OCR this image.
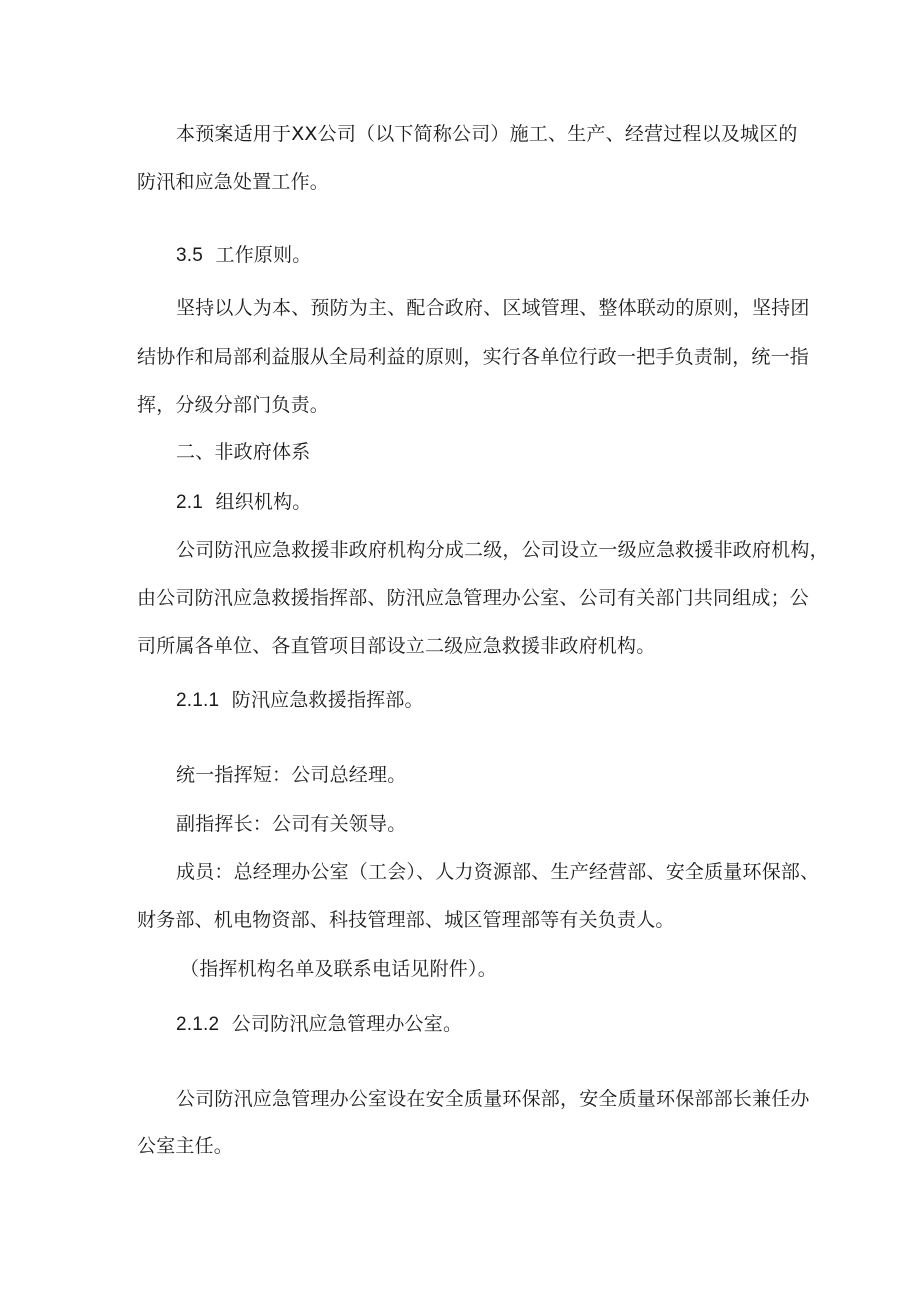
本预案适用于XX公司（以下简称公司）施工、生产、经营过程以及城区的
防汛和应急处置工作。
3.5 工作原则。
坚持以人为本、预防为主、配合政府、区域管理、整体联动的原则，坚持团
结协作和局部利益服从全局利益的原则，实行各单位行政一把手负责制，统一指
挥，分级分部门负责。
二、非政府体系
2.1 组织机构。
公司防汛应急救援非政府机构分成二级，公司设立一级应急救援非政府机构，
由公司防汛应急救援指挥部、防汛应急管理办公室、公司有关部门共同组成；公
司所属各单位、各直管项目部设立二级应急救援非政府机构。
2.1.1 防汛应急救援指挥部。
统一指挥短：公司总经理。
副指挥长：公司有关领导。
成员：总经理办公室（工会）、人力资源部、生产经营部、安全质量环保部、
财务部、机电物资部、科技管理部、城区管理部等有关负责人。
（指挥机构名单及联系电话见附件）。
2.1.2 公司防汛应急管理办公室。
公司防汛应急管理办公室设在安全质量环保部，安全质量环保部部长兼任办
公室主任。
